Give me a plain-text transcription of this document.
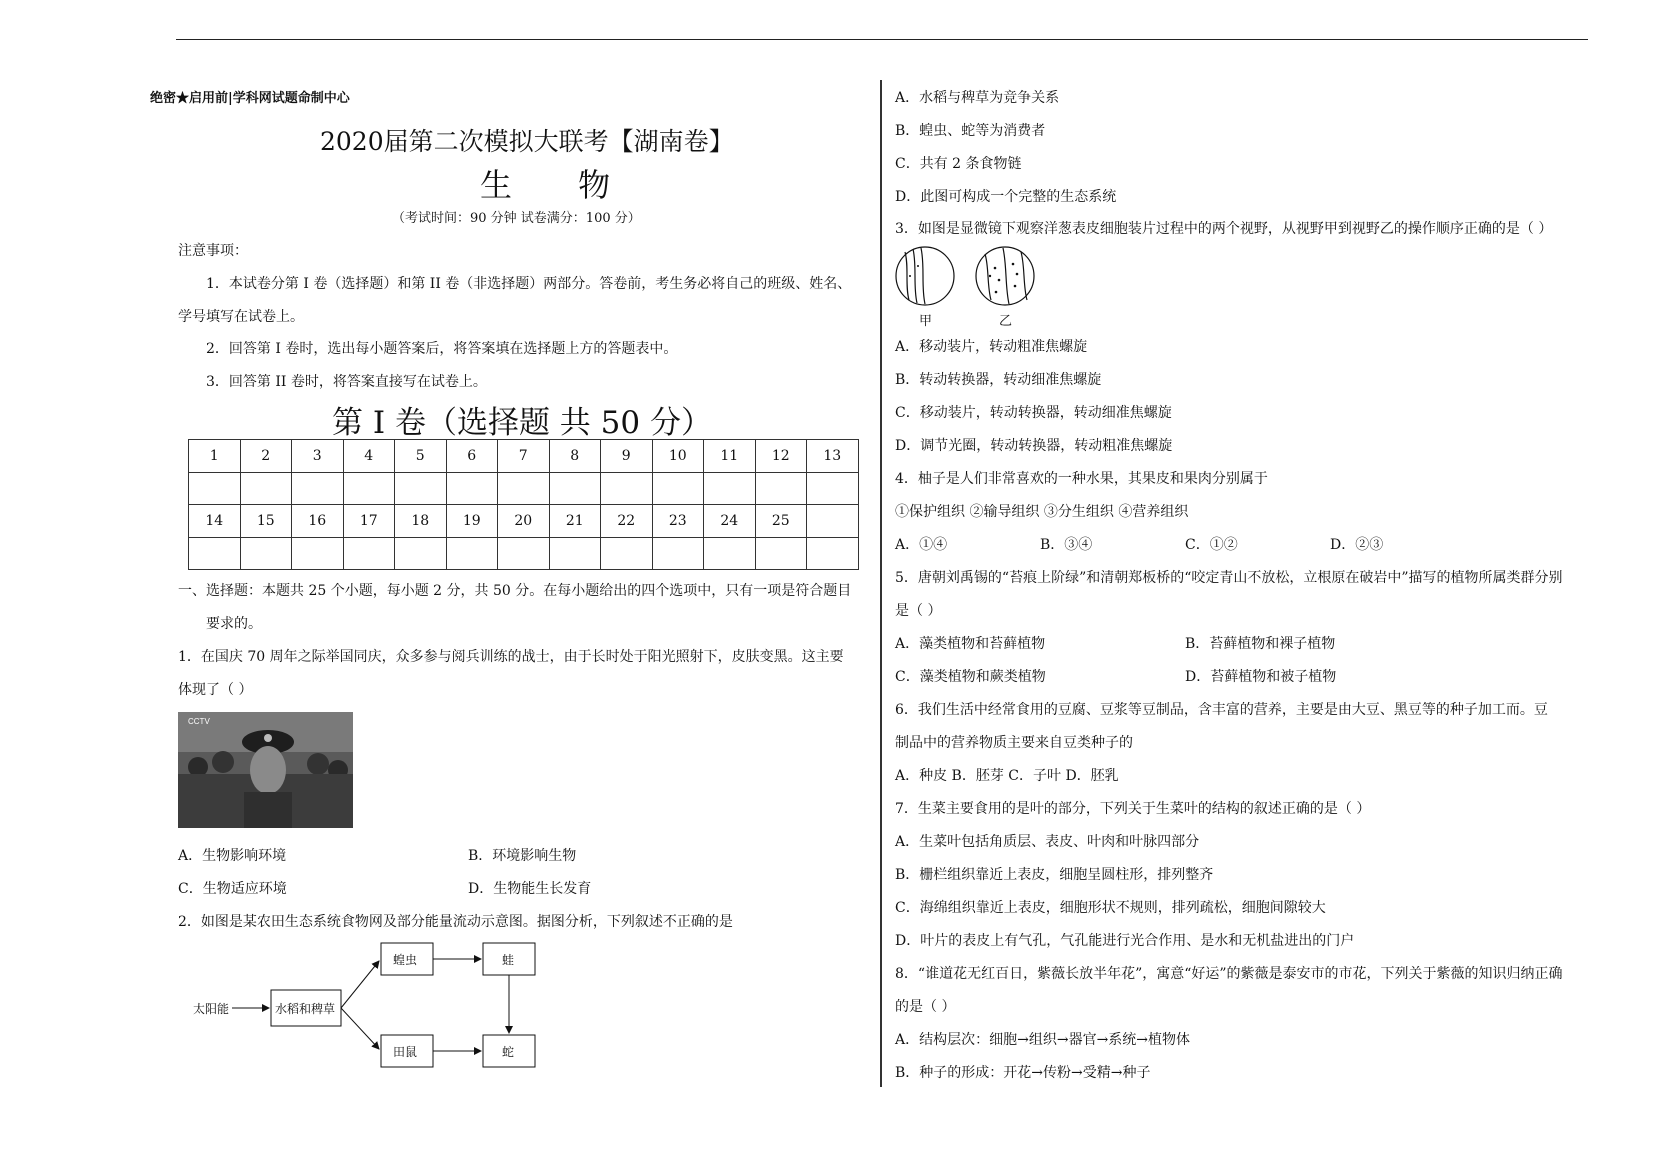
绝密★启用前|学科网试题命制中心
2020届第二次模拟大联考【湖南卷】
生 物
（考试时间：90 分钟 试卷满分：100 分）
注意事项：
1．本试卷分第 I 卷（选择题）和第 II 卷（非选择题）两部分。答卷前，考生务必将自己的班级、姓名、
学号填写在试卷上。
2．回答第 I 卷时，选出每小题答案后，将答案填在选择题上方的答题表中。
3．回答第 II 卷时，将答案直接写在试卷上。
第 I 卷（选择题 共 50 分）
1	2	3	4	5	6	7	8	9	10	11	12	13

14	15	16	17	18	19	20	21	22	23	24	25	

一、选择题：本题共 25 个小题，每小题 2 分，共 50 分。在每小题给出的四个选项中，只有一项是符合题目
要求的。
1．在国庆 70 周年之际举国同庆，众多参与阅兵训练的战士，由于长时处于阳光照射下，皮肤变黑。这主要
体现了（ ）
CCTV
A．生物影响环境	B．环境影响生物
C．生物适应环境	D．生物能生长发育
2．如图是某农田生态系统食物网及部分能量流动示意图。据图分析，下列叙述不正确的是
太阳能	水稻和稗草
蝗虫	蛙
田鼠	蛇
A．水稻与稗草为竞争关系
B．蝗虫、蛇等为消费者
C．共有 2 条食物链
D．此图可构成一个完整的生态系统
3．如图是显微镜下观察洋葱表皮细胞装片过程中的两个视野，从视野甲到视野乙的操作顺序正确的是（ ）
甲	乙
A．移动装片，转动粗准焦螺旋
B．转动转换器，转动细准焦螺旋
C．移动装片，转动转换器，转动细准焦螺旋
D．调节光圈，转动转换器，转动粗准焦螺旋
4．柚子是人们非常喜欢的一种水果，其果皮和果肉分别属于
①保护组织 ②输导组织 ③分生组织 ④营养组织
A．①④	B．③④	C．①②	D．②③
5．唐朝刘禹锡的“苔痕上阶绿”和清朝郑板桥的“咬定青山不放松，立根原在破岩中”描写的植物所属类群分别
是（ ）
A．藻类植物和苔藓植物	B．苔藓植物和裸子植物
C．藻类植物和蕨类植物	D．苔藓植物和被子植物
6．我们生活中经常食用的豆腐、豆浆等豆制品，含丰富的营养，主要是由大豆、黑豆等的种子加工而。豆
制品中的营养物质主要来自豆类种子的
A．种皮 B．胚芽 C．子叶 D．胚乳
7．生菜主要食用的是叶的部分，下列关于生菜叶的结构的叙述正确的是（ ）
A．生菜叶包括角质层、表皮、叶肉和叶脉四部分
B．栅栏组织靠近上表皮，细胞呈圆柱形，排列整齐
C．海绵组织靠近上表皮，细胞形状不规则，排列疏松，细胞间隙较大
D．叶片的表皮上有气孔，气孔能进行光合作用、是水和无机盐进出的门户
8．“谁道花无红百日，紫薇长放半年花”，寓意“好运”的紫薇是泰安市的市花，下列关于紫薇的知识归纳正确
的是（ ）
A．结构层次：细胞→组织→器官→系统→植物体
B．种子的形成：开花→传粉→受精→种子
